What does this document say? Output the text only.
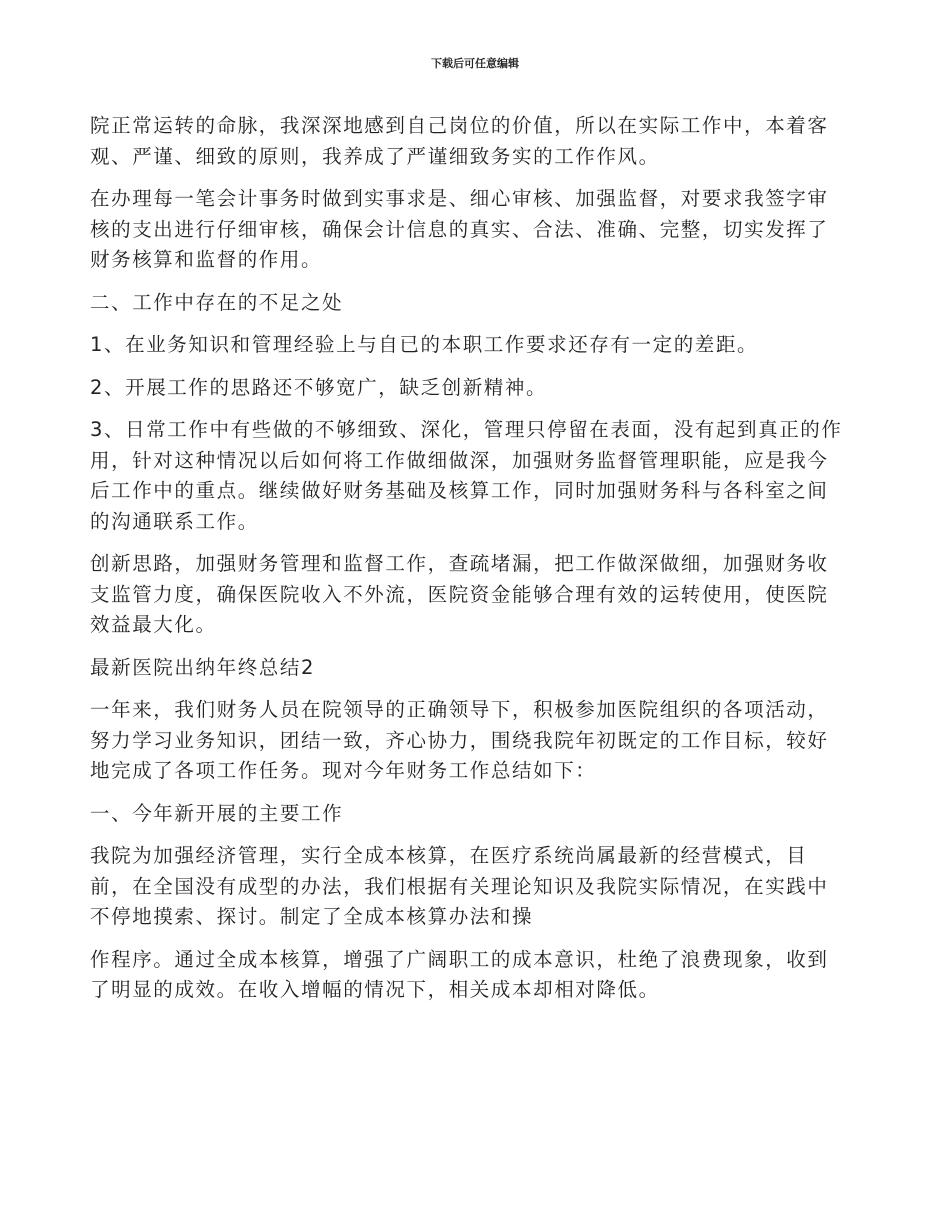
下载后可任意编辑

院正常运转的命脉，我深深地感到自己岗位的价值，所以在实际工作中，本着客
观、严谨、细致的原则，我养成了严谨细致务实的工作作风。

在办理每一笔会计事务时做到实事求是、细心审核、加强监督，对要求我签字审
核的支出进行仔细审核，确保会计信息的真实、合法、准确、完整，切实发挥了
财务核算和监督的作用。

二、工作中存在的不足之处

1、在业务知识和管理经验上与自已的本职工作要求还存有一定的差距。

2、开展工作的思路还不够宽广，缺乏创新精神。

3、日常工作中有些做的不够细致、深化，管理只停留在表面，没有起到真正的作
用，针对这种情况以后如何将工作做细做深，加强财务监督管理职能，应是我今
后工作中的重点。继续做好财务基础及核算工作，同时加强财务科与各科室之间
的沟通联系工作。

创新思路，加强财务管理和监督工作，查疏堵漏，把工作做深做细，加强财务收
支监管力度，确保医院收入不外流，医院资金能够合理有效的运转使用，使医院
效益最大化。

最新医院出纳年终总结2

一年来，我们财务人员在院领导的正确领导下，积极参加医院组织的各项活动，
努力学习业务知识，团结一致，齐心协力，围绕我院年初既定的工作目标，较好
地完成了各项工作任务。现对今年财务工作总结如下：

一、今年新开展的主要工作

我院为加强经济管理，实行全成本核算，在医疗系统尚属最新的经营模式，目
前，在全国没有成型的办法，我们根据有关理论知识及我院实际情况，在实践中
不停地摸索、探讨。制定了全成本核算办法和操

作程序。通过全成本核算，增强了广阔职工的成本意识，杜绝了浪费现象，收到
了明显的成效。在收入增幅的情况下，相关成本却相对降低。
